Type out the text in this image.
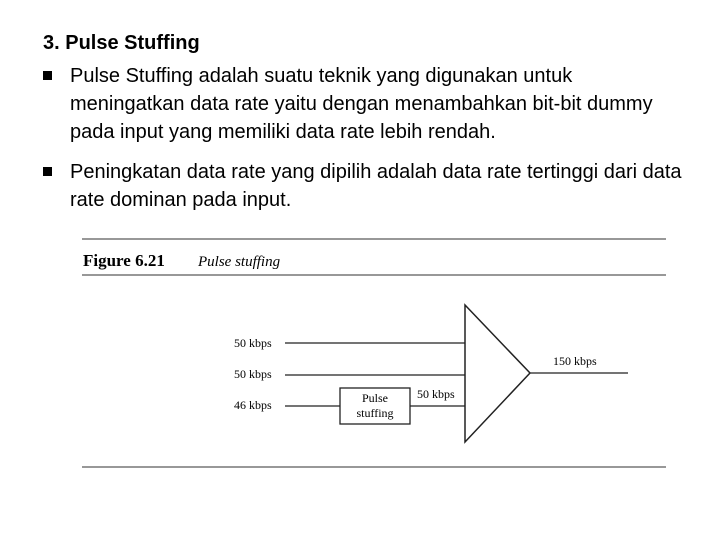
3. Pulse Stuffing
Pulse Stuffing adalah suatu teknik yang digunakan untuk meningatkan data rate yaitu dengan menambahkan bit-bit dummy pada input yang memiliki data rate lebih rendah.
Peningkatan data rate yang dipilih adalah data rate tertinggi dari data rate dominan pada input.
Figure 6.21 Pulse stuffing
50 kbps
50 kbps
46 kbps	Pulse
stuffing
50 kbps
150 kbps
